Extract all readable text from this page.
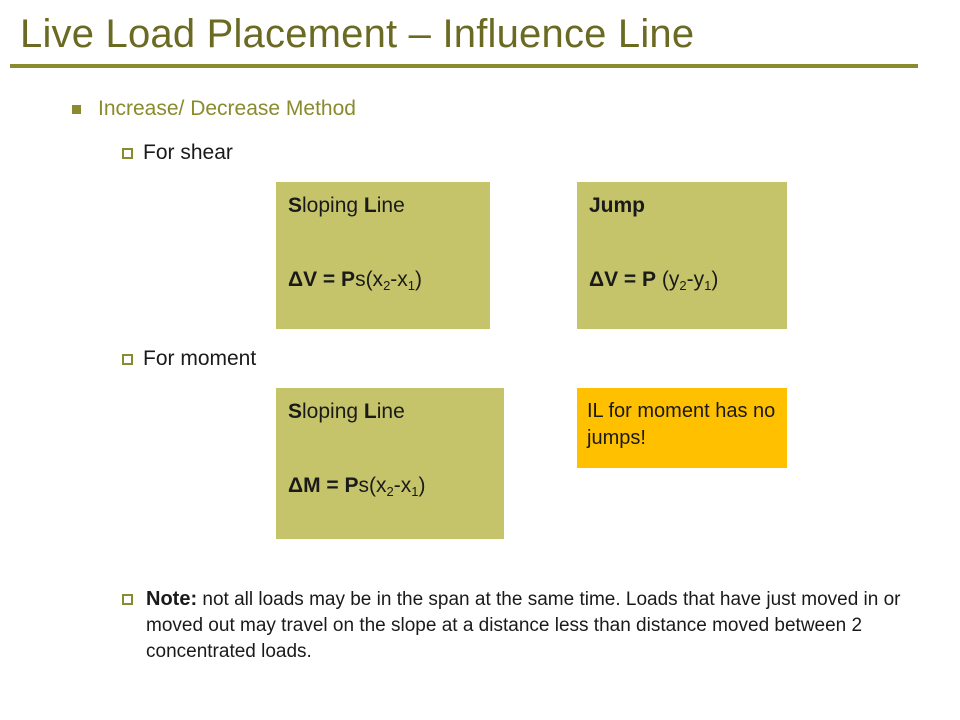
Live Load Placement – Influence Line
Increase/ Decrease Method
For shear
Sloping Line
$\Delta V = Ps(x_2-x_1)$
Jump
ΔV = P $(y_2-y_1)$
For moment
Sloping Line
$\Delta M = Ps(x_2-x_1)$
IL for moment has no jumps!
Note: not all loads may be in the span at the same time. Loads that have just moved in or moved out may travel on the slope at a distance less than distance moved between 2 concentrated loads.
